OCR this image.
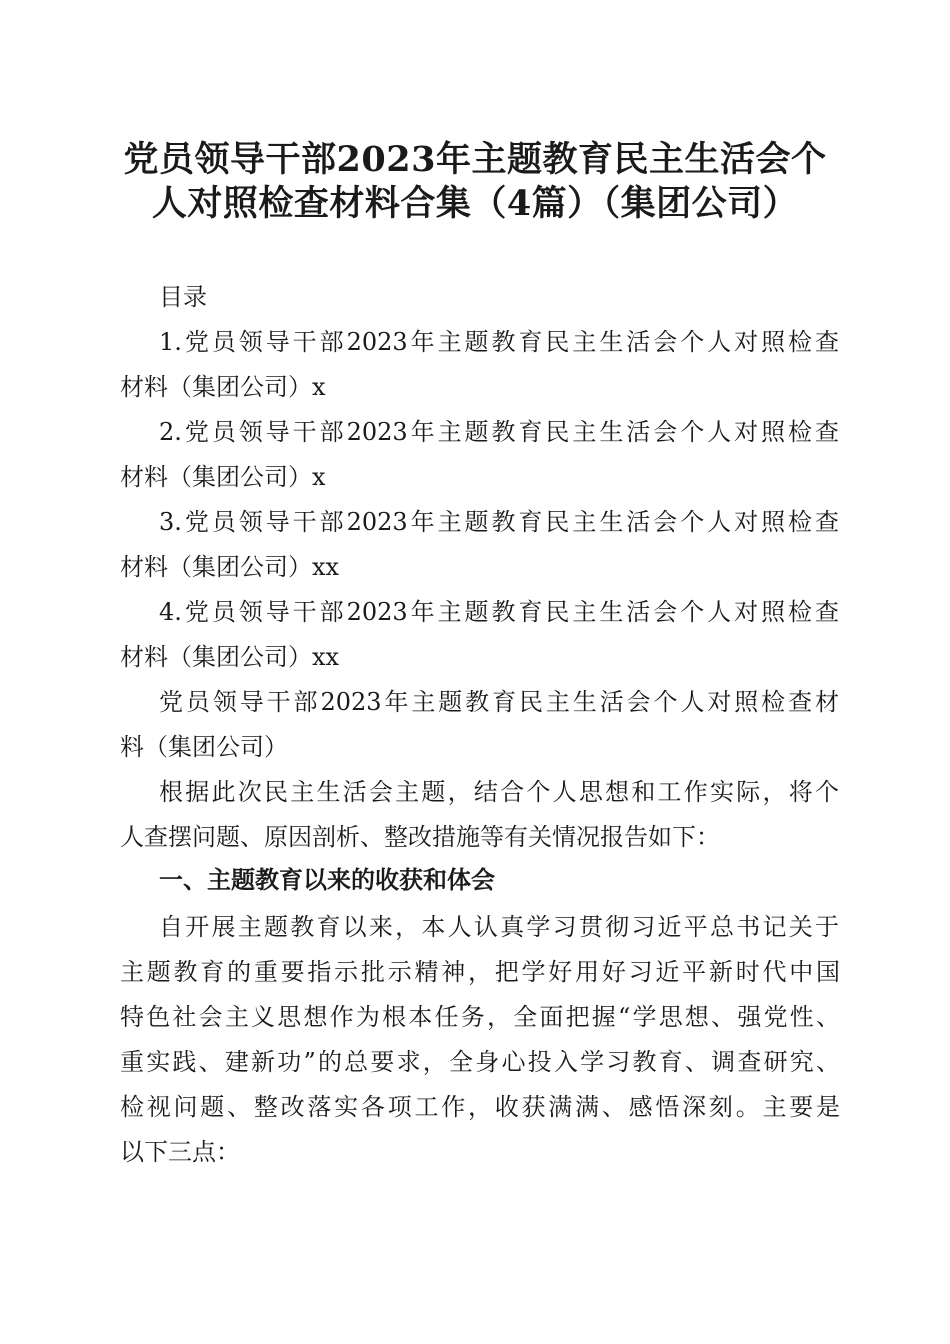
党员领导干部2023年主题教育民主生活会个
人对照检查材料合集（4篇）（集团公司）

目录

1.党员领导干部2023年主题教育民主生活会个人对照检查

材料（集团公司）x

2.党员领导干部2023年主题教育民主生活会个人对照检查

材料（集团公司）x

3.党员领导干部2023年主题教育民主生活会个人对照检查

材料（集团公司）xx

4.党员领导干部2023年主题教育民主生活会个人对照检查

材料（集团公司）xx

党员领导干部2023年主题教育民主生活会个人对照检查材

料（集团公司）

根据此次民主生活会主题，结合个人思想和工作实际，将个

人查摆问题、原因剖析、整改措施等有关情况报告如下：

一、主题教育以来的收获和体会

自开展主题教育以来，本人认真学习贯彻习近平总书记关于

主题教育的重要指示批示精神，把学好用好习近平新时代中国

特色社会主义思想作为根本任务，全面把握“学思想、强党性、

重实践、建新功”的总要求，全身心投入学习教育、调查研究、

检视问题、整改落实各项工作，收获满满、感悟深刻。主要是

以下三点：
